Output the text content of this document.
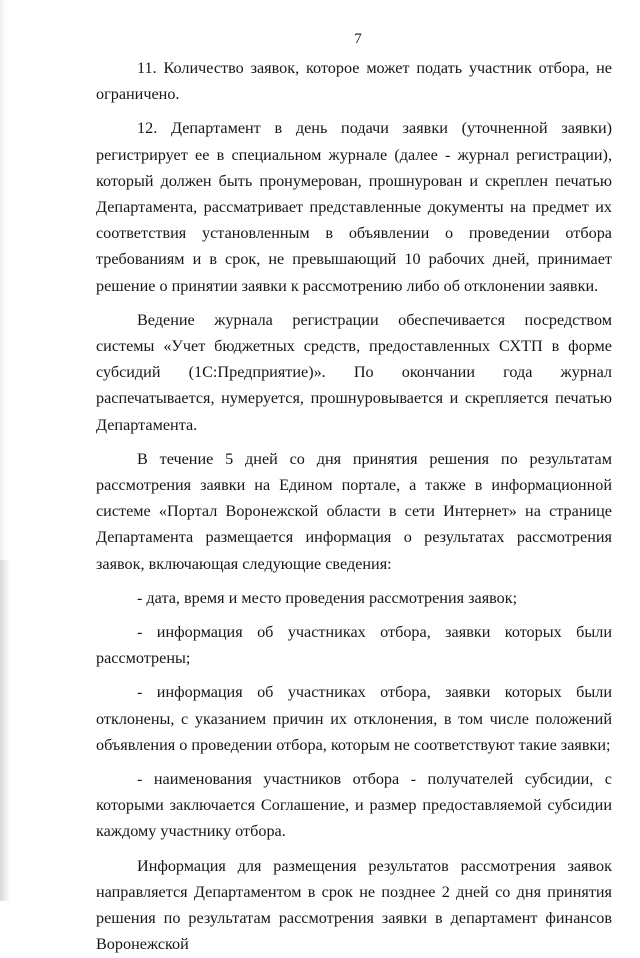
7

11. Количество заявок, которое может подать участник отбора, не ограничено.

12. Департамент в день подачи заявки (уточненной заявки) регистрирует ее в специальном журнале (далее - журнал регистрации), который должен быть пронумерован, прошнурован и скреплен печатью Департамента, рассматривает представленные документы на предмет их соответствия установленным в объявлении о проведении отбора требованиям и в срок, не превышающий 10 рабочих дней, принимает решение о принятии заявки к рассмотрению либо об отклонении заявки.

Ведение журнала регистрации обеспечивается посредством системы «Учет бюджетных средств, предоставленных СХТП в форме субсидий (1С:Предприятие)». По окончании года журнал распечатывается, нумеруется, прошнуровывается и скрепляется печатью Департамента.

В течение 5 дней со дня принятия решения по результатам рассмотрения заявки на Едином портале, а также в информационной системе «Портал Воронежской области в сети Интернет» на странице Департамента размещается информация о результатах рассмотрения заявок, включающая следующие сведения:

- дата, время и место проведения рассмотрения заявок;

- информация об участниках отбора, заявки которых были рассмотрены;

- информация об участниках отбора, заявки которых были отклонены, с указанием причин их отклонения, в том числе положений объявления о проведении отбора, которым не соответствуют такие заявки;

- наименования участников отбора - получателей субсидии, с которыми заключается Соглашение, и размер предоставляемой субсидии каждому участнику отбора.

Информация для размещения результатов рассмотрения заявок направляется Департаментом в срок не позднее 2 дней со дня принятия решения по результатам рассмотрения заявки в департамент финансов Воронежской
